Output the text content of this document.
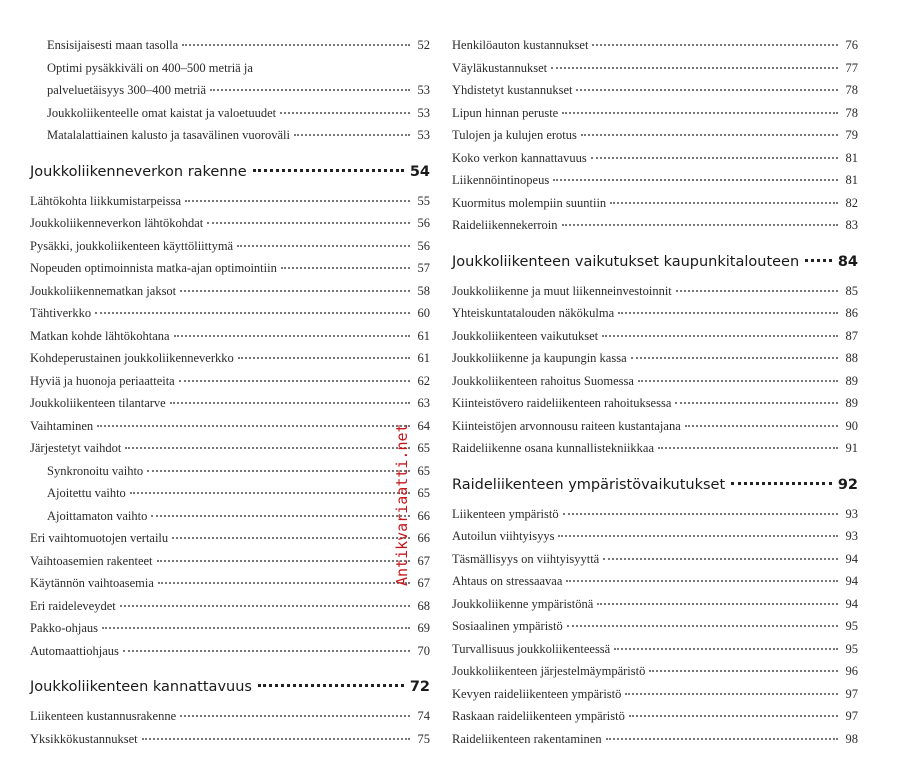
Ensisijaisesti maan tasolla	52
Optimi pysäkkiväli on 400–500 metriä ja
palveluetäisyys 300–400 metriä	53
Joukkoliikenteelle omat kaistat ja valoetuudet	53
Matalalattiainen kalusto ja tasavälinen vuoroväli	53
Joukkoliikenneverkon rakenne	54
Lähtökohta liikkumistarpeissa	55
Joukkoliikenneverkon lähtökohdat	56
Pysäkki, joukkoliikenteen käyttöliittymä	56
Nopeuden optimoinnista matka-ajan optimointiin	57
Joukkoliikennematkan jaksot	58
Tähtiverkko	60
Matkan kohde lähtökohtana	61
Kohdeperustainen joukkoliikenneverkko	61
Hyviä ja huonoja periaatteita	62
Joukkoliikenteen tilantarve	63
Vaihtaminen	64
Järjestetyt vaihdot	65
Synkronoitu vaihto	65
Ajoitettu vaihto	65
Ajoittamaton vaihto	66
Eri vaihtomuotojen vertailu	66
Vaihtoasemien rakenteet	67
Käytännön vaihtoasemia	67
Eri raideleveydet	68
Pakko-ohjaus	69
Automaattiohjaus	70
Joukkoliikenteen kannattavuus	72
Liikenteen kustannusrakenne	74
Yksikkökustannukset	75
Henkilöauton kustannukset	76
Väyläkustannukset	77
Yhdistetyt kustannukset	78
Lipun hinnan peruste	78
Tulojen ja kulujen erotus	79
Koko verkon kannattavuus	81
Liikennöintinopeus	81
Kuormitus molempiin suuntiin	82
Raideliikennekerroin	83
Joukkoliikenteen vaikutukset kaupunkitalouteen	84
Joukkoliikenne ja muut liikenneinvestoinnit	85
Yhteiskuntatalouden näkökulma	86
Joukkoliikenteen vaikutukset	87
Joukkoliikenne ja kaupungin kassa	88
Joukkoliikenteen rahoitus Suomessa	89
Kiinteistövero raideliikenteen rahoituksessa	89
Kiinteistöjen arvonnousu raiteen kustantajana	90
Raideliikenne osana kunnallistekniikkaa	91
Raideliikenteen ympäristövaikutukset	92
Liikenteen ympäristö	93
Autoilun viihtyisyys	93
Täsmällisyys on viihtyisyyttä	94
Ahtaus on stressaavaa	94
Joukkoliikenne ympäristönä	94
Sosiaalinen ympäristö	95
Turvallisuus joukkoliikenteessä	95
Joukkoliikenteen järjestelmäympäristö	96
Kevyen raideliikenteen ympäristö	97
Raskaan raideliikenteen ympäristö	97
Raideliikenteen rakentaminen	98
Antikvariaatti.net
